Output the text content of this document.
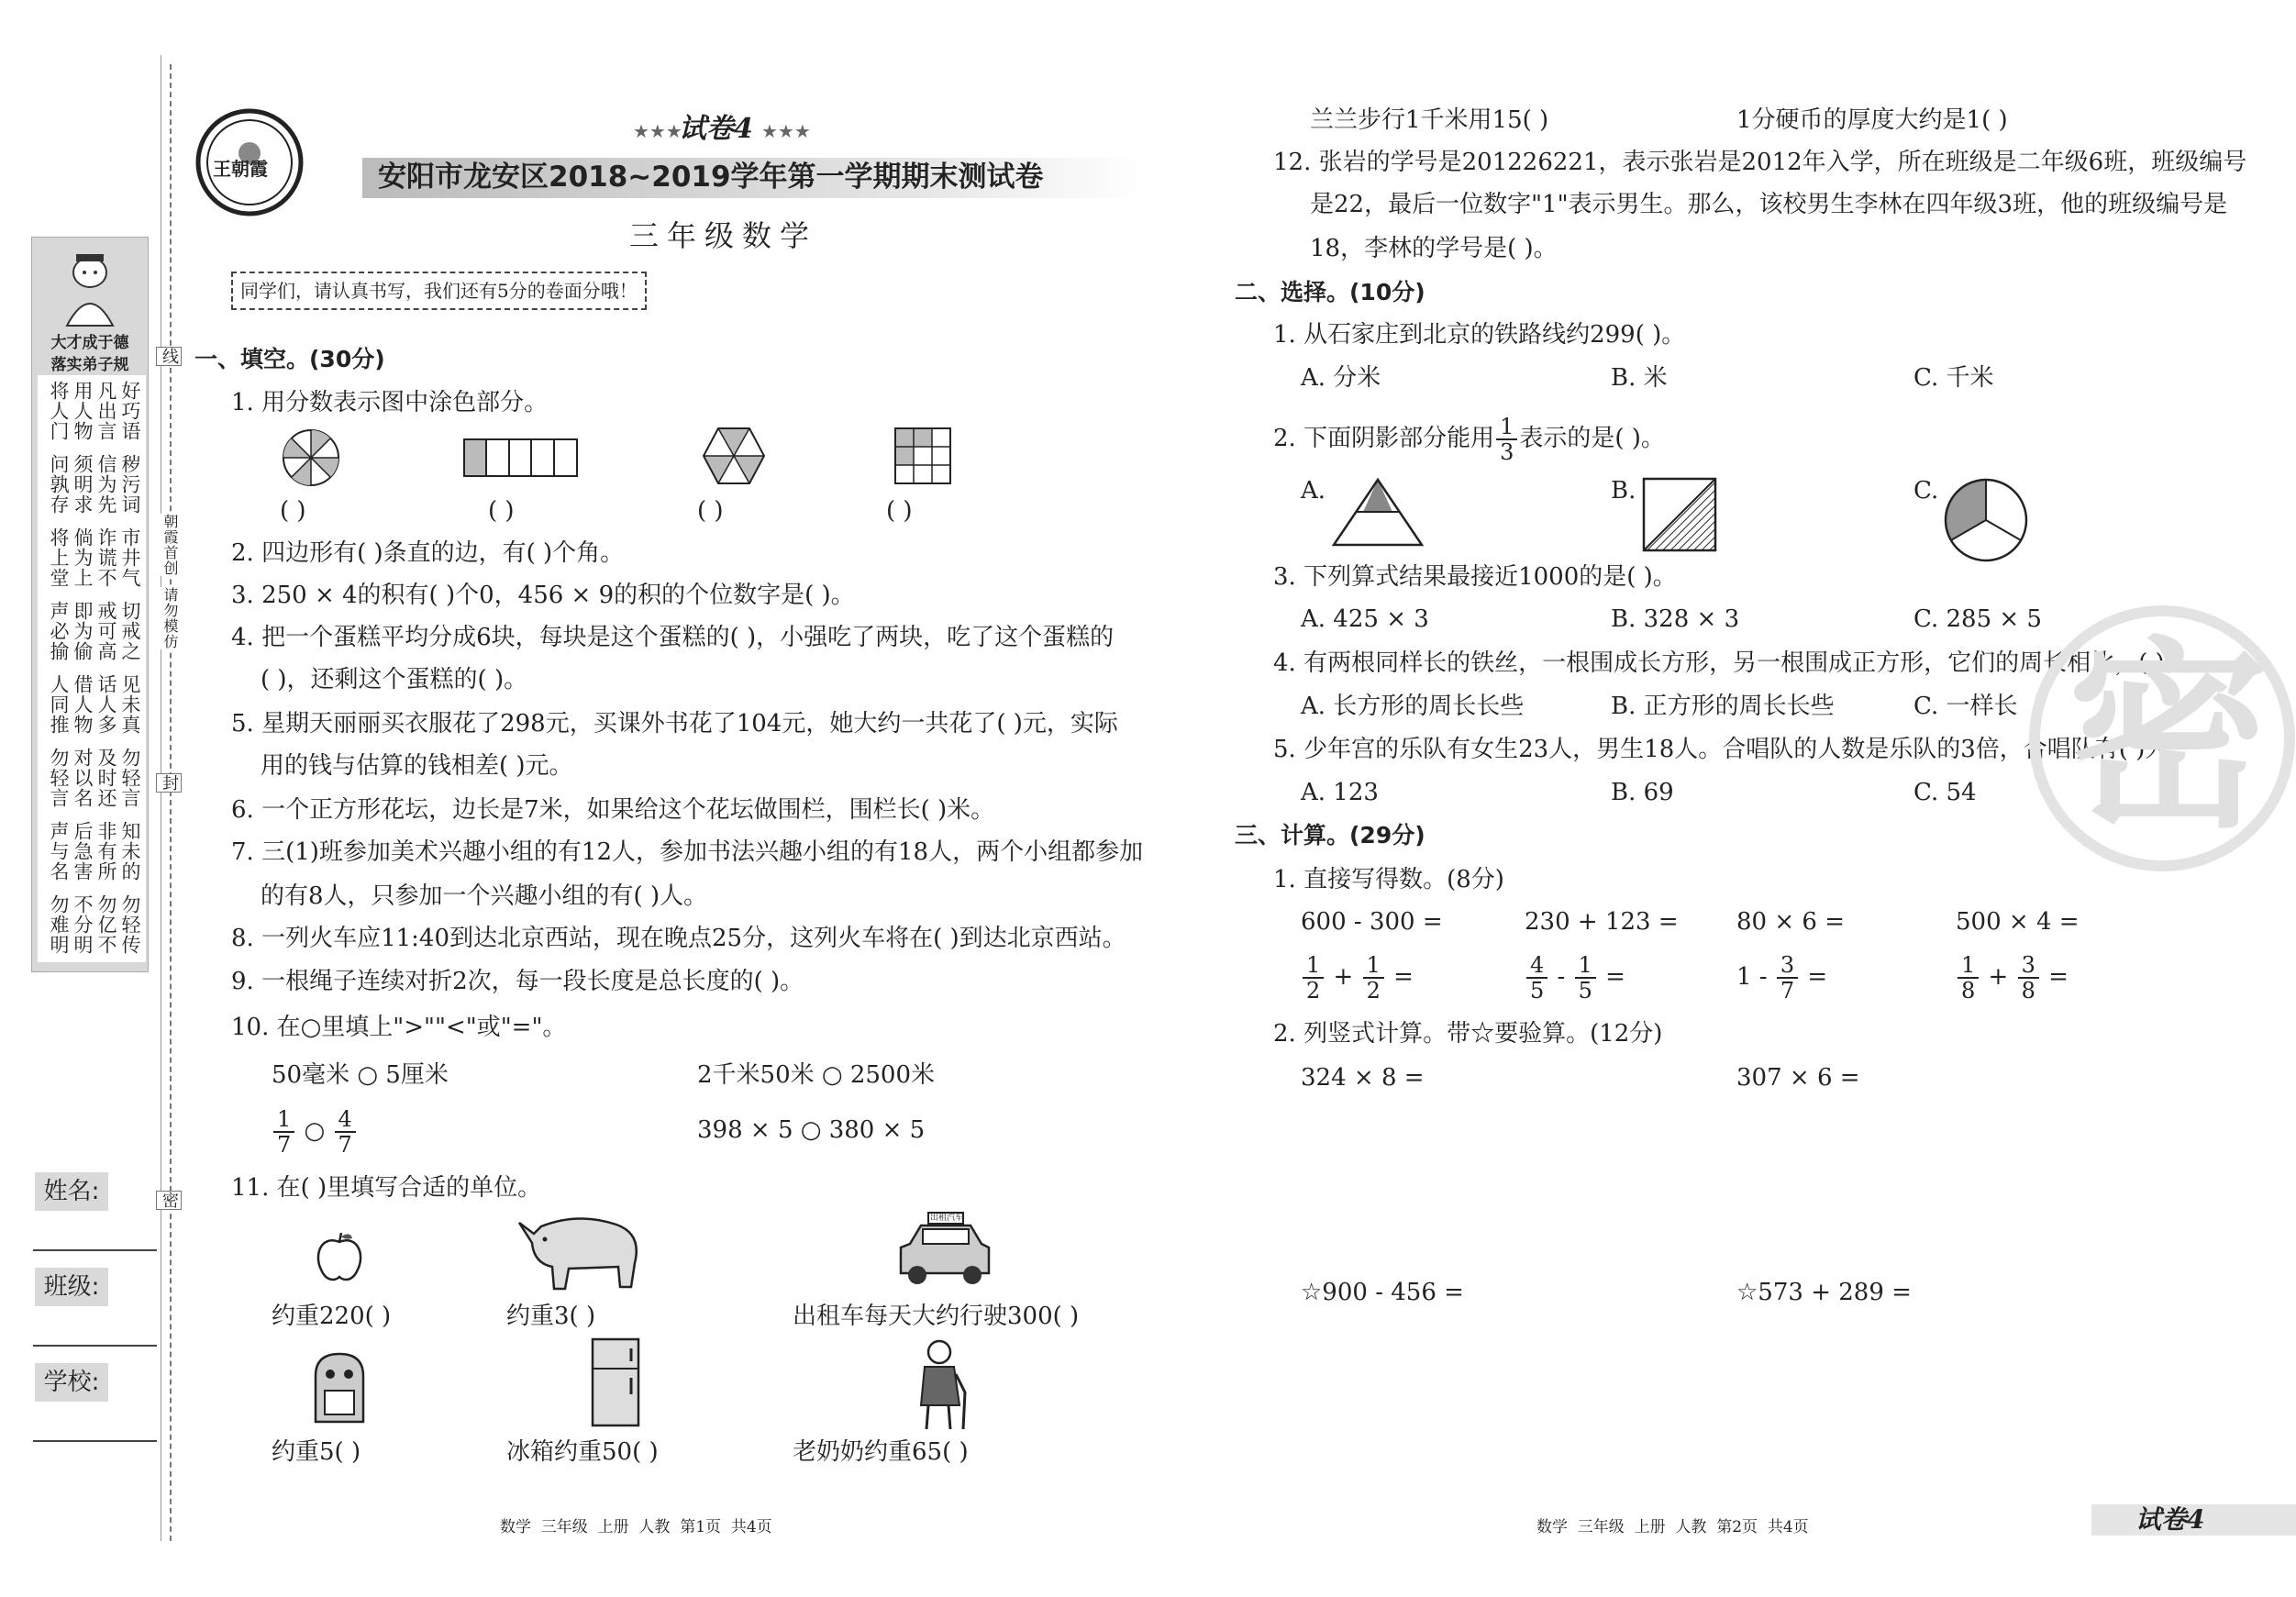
大才成于德
落实弟子规
好巧语
凡出言
用人物
将人门
秽污词
信为先
须明求
问孰存
市井气
诈谎不
倘为上
将上堂
切戒之
戒可高
即为偷
声必揄
见未真
话人多
借人物
人同推
勿轻言
及时还
对以名
勿轻言
知未的
非有所
后急害
声与名
勿轻传
勿亿不
不分明
勿难明
线
朝霞首创
请勿模仿
封
密
姓名:
班级:
学校:
王朝霞
试卷4
★★★	★★★
安阳市龙安区2018~2019学年第一学期期末测试卷
三年级数学
同学们，请认真书写，我们还有5分的卷面分哦！
一、填空。(30分)
1. 用分数表示图中涂色部分。
( )	( )	( )	( )
2. 四边形有( )条直的边，有( )个角。
3. 250 × 4的积有( )个0，456 × 9的积的个位数字是( )。
4. 把一个蛋糕平均分成6块，每块是这个蛋糕的( )，小强吃了两块，吃了这个蛋糕的
( )，还剩这个蛋糕的( )。
5. 星期天丽丽买衣服花了298元，买课外书花了104元，她大约一共花了( )元，实际
用的钱与估算的钱相差( )元。
6. 一个正方形花坛，边长是7米，如果给这个花坛做围栏，围栏长( )米。
7. 三(1)班参加美术兴趣小组的有12人，参加书法兴趣小组的有18人，两个小组都参加
的有8人，只参加一个兴趣小组的有( )人。
8. 一列火车应11:40到达北京西站，现在晚点25分，这列火车将在( )到达北京西站。
9. 一根绳子连续对折2次，每一段长度是总长度的( )。
10. 在○里填上">""<"或"="。
50毫米 ○ 5厘米	2千米50米 ○ 2500米
$\frac{1}{7}$ ○ $\frac{4}{7}$	398 × 5 ○ 380 × 5
11. 在( )里填写合适的单位。
出租汽车
约重220( )	约重3( )	出租车每天大约行驶300( )
约重5( )	冰箱约重50( )	老奶奶约重65( )
数学  三年级  上册  人教  第1页  共4页
兰兰步行1千米用15( )	1分硬币的厚度大约是1( )
12. 张岩的学号是201226221，表示张岩是2012年入学，所在班级是二年级6班，班级编号
是22，最后一位数字"1"表示男生。那么，该校男生李林在四年级3班，他的班级编号是
18，李林的学号是( )。
二、选择。(10分)
1. 从石家庄到北京的铁路线约299( )。
A. 分米	B. 米	C. 千米
2. 下面阴影部分能用 $\frac{1}{3}$ 表示的是( )。
A.	B.	C.
3. 下列算式结果最接近1000的是( )。
A. 425 × 3	B. 328 × 3	C. 285 × 5
4. 有两根同样长的铁丝，一根围成长方形，另一根围成正方形，它们的周长相比，( )。
A. 长方形的周长长些	B. 正方形的周长长些	C. 一样长
5. 少年宫的乐队有女生23人，男生18人。合唱队的人数是乐队的3倍，合唱队有( )人。
A. 123	B. 69	C. 54
三、计算。(29分)
1. 直接写得数。(8分)
600 - 300 =	230 + 123 = 80 × 6 =	500 × 4 =
$\frac{1}{2} + \frac{1}{2}$ =	$\frac{4}{5} - \frac{1}{5}$ =	$1 - \frac{3}{7}$ =	$\frac{1}{8} + \frac{3}{8}$ =
2. 列竖式计算。带☆要验算。(12分)
324 × 8 =	307 × 6 =
☆900 - 456 =	☆573 + 289 =
密
数学  三年级  上册  人教  第2页  共4页	试卷4
